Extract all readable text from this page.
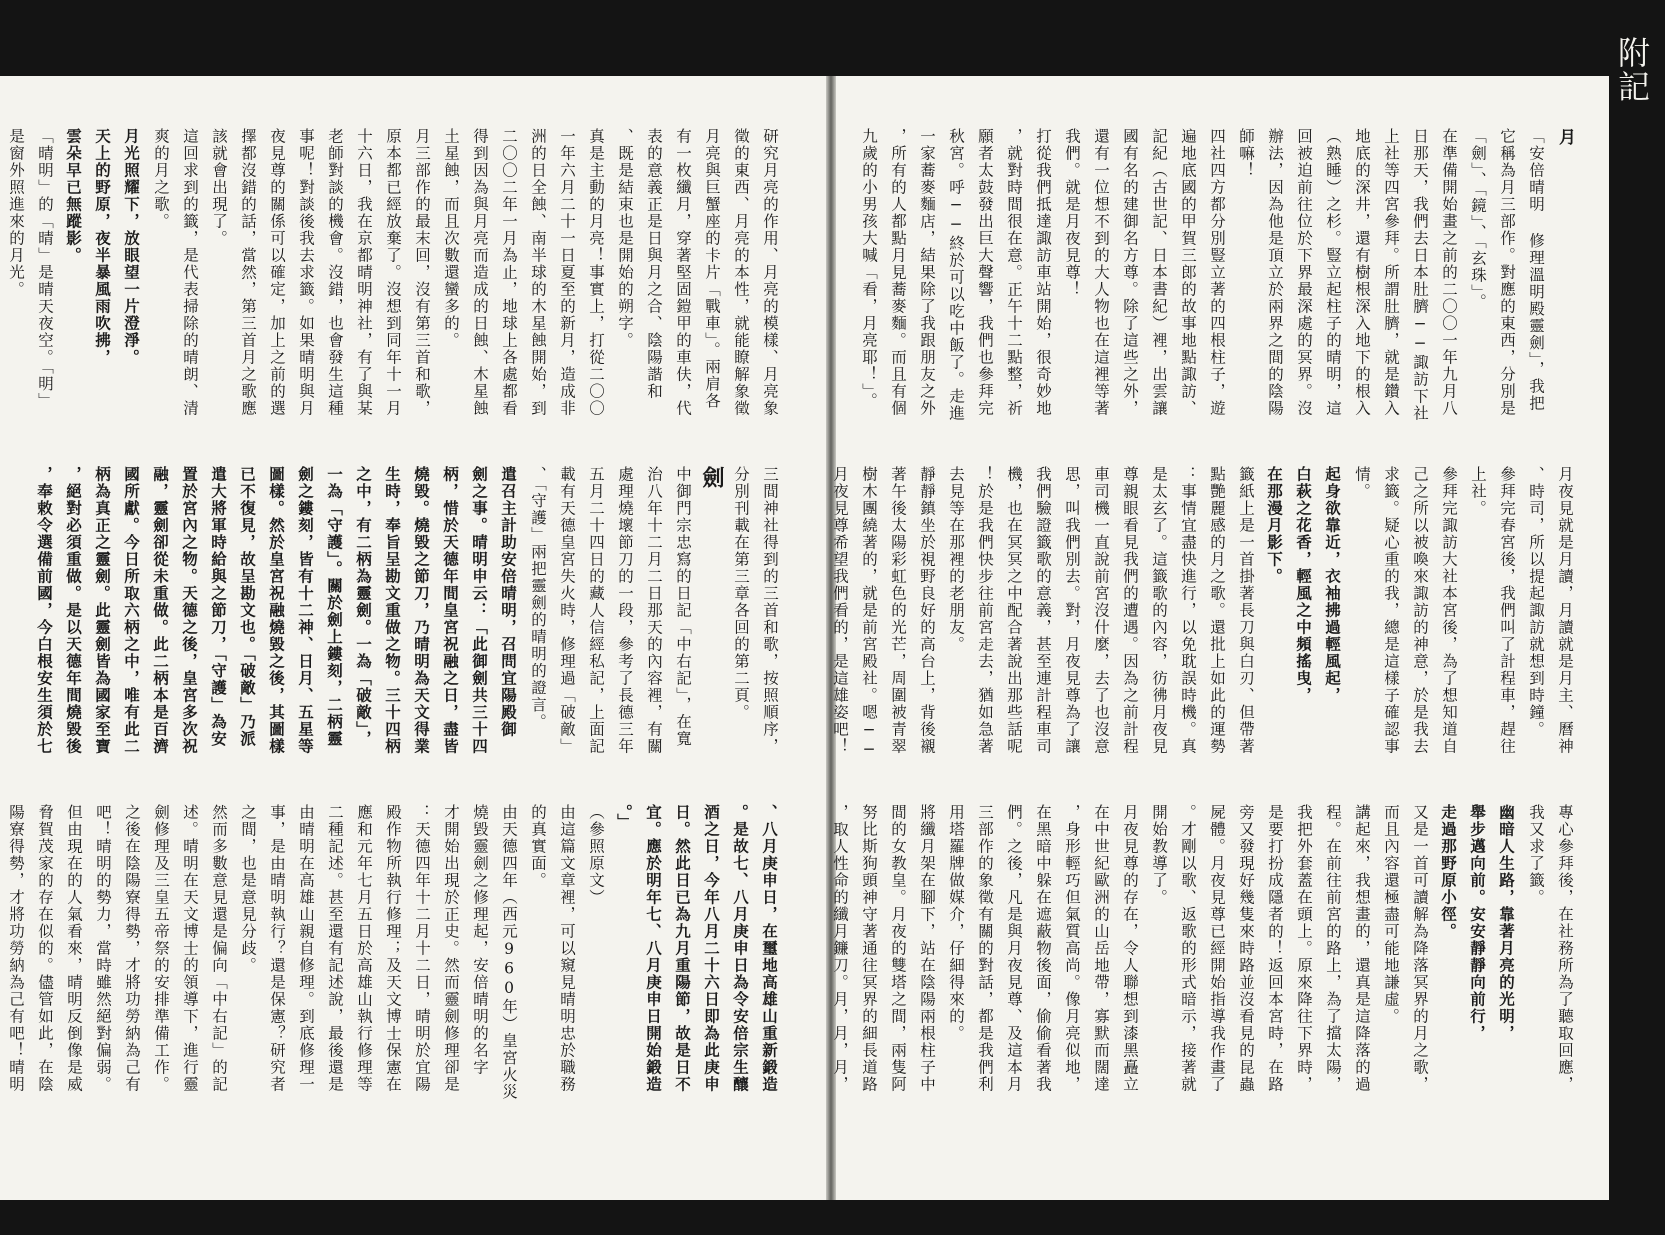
研究月亮的作用、月亮的模樣、月亮象

徵的東西、月亮的本性，就能瞭解象徵

月亮與巨蟹座的卡片「戰車」。兩肩各

有一枚纖月，穿著堅固鎧甲的車伕，代

表的意義正是日與月之合、陰陽諧和

、既是結束也是開始的朔字。

真是主動的月亮！事實上，打從二〇〇

一年六月二十一日夏至的新月，造成非

洲的日全蝕、南半球的木星蝕開始，到

二〇〇二年一月為止，地球上各處都看

得到因為與月亮而造成的日蝕、木星蝕

土星蝕，而且次數還蠻多的。

月三部作的最末回，沒有第三首和歌，

原本都已經放棄了。沒想到同年十一月

十六日，我在京都晴明神社，有了與某

老師對談的機會。沒錯，也會發生這種

事呢！對談後我去求籤。如果晴明與月

夜見尊的關係可以確定，加上之前的選

擇都沒錯的話，當然，第三首月之歌應

該就會出現了。

這回求到的籤，是代表掃除的晴朗、清

爽的月之歌。

月光照耀下，放眼望一片澄淨。

天上的野原，夜半暴風雨吹拂，

雲朵早已無蹤影。

「晴明」的「晴」是晴天夜空。「明」

是窗外照進來的月光。

三間神社得到的三首和歌，按照順序，

分別刊載在第三章各回的第二頁。

劍

中御門宗忠寫的日記「中右記」，在寬

治八年十二月二日那天的內容裡，有關

處理燒壞節刀的一段，參考了長德三年

五月二十四日的藏人信經私記，上面記

載有天德皇宮失火時，修理過「破敵」

、「守護」兩把靈劍的晴明的證言。

遣召主計助安倍晴明，召問宜陽殿御

劍之事。晴明申云：「此御劍共三十四

柄，惜於天德年間皇宮祝融之日，盡皆

燒毀。燒毀之節刀，乃晴明為天文得業

生時，奉旨呈勘文重做之物。三十四柄

之中，有二柄為靈劍。一為「破敵」，

一為「守護」。關於劍上鏤刻，二柄靈

劍之鏤刻，皆有十二神、日月、五星等

圖樣。然於皇宮祝融燒毀之後，其圖樣

已不復見，故呈勘文也。「破敵」乃派

遣大將軍時給與之節刀，「守護」為安

置於宮內之物。天德之後，皇宮多次祝

融，靈劍卻從未重做。此二柄本是百濟

國所獻。今日所取六柄之中，唯有此二

柄為真正之靈劍。此靈劍皆為國家至寶

，絕對必須重做。是以天德年間燒毀後

，奉敕令選備前國，今白根安生須於七

、八月庚申日，在璽地高雄山重新鍛造

。是故七、八月庚申日為令安倍宗生釀

酒之日，今年八月二十六日即為此庚申

日。然此日已為九月重陽節，故是日不

宜。應於明年七、八月庚申日開始鍛造

。」

（參照原文）

由這篇文章裡，可以窺見晴明忠於職務

的真實面。

由天德四年（西元960年）皇宮火災

燒毀靈劍之修理起，安倍晴明的名字

才開始出現於正史。然而靈劍修理卻是

：天德四年十二月十二日，晴明於宜陽

殿作物所執行修理；及天文博士保憲在

應和元年七月五日於高雄山執行修理等

二種記述。甚至還有記述說，最後還是

由晴明在高雄山親自修理。到底修理一

事，是由晴明執行？還是保憲？研究者

之間，也是意見分歧。

然而多數意見還是偏向「中右記」的記

述。晴明在天文博士的領導下，進行靈

劍修理及三皇五帝祭的安排準備工作。

之後在陰陽寮得勢，才將功勞納為己有

吧！晴明的勢力，當時雖然絕對偏弱。

但由現在的人氣看來，晴明反倒像是威

脅賀茂家的存在似的。儘管如此，在陰

陽寮得勢，才將功勞納為己有吧！晴明

月

「安倍晴明 修理溫明殿靈劍」，我把

它稱為月三部作。對應的東西，分別是

「劍」、「鏡」、「玄珠」。

在準備開始畫之前的二〇〇一年九月八

日那天，我們去日本肚臍──諏訪下社

上社等四宮參拜。所謂肚臍，就是鑽入

地底的深井，還有樹根深入地下的根入

（熟睡）之杉。豎立起柱子的晴明，這

回被迫前往位於下界最深處的冥界。沒

辦法，因為他是頂立於兩界之間的陰陽

師嘛！

四社四方都分別豎立著的四根柱子，遊

遍地底國的甲賀三郎的故事地點諏訪、

記紀（古世記、日本書紀）裡，出雲讓

國有名的建御名方尊。除了這些之外，

還有一位想不到的大人物也在這裡等著

我們。就是月夜見尊！

打從我們抵達諏訪車站開始，很奇妙地

，就對時間很在意。正午十二點整，祈

願者太鼓發出巨大聲響，我們也參拜完

秋宮。呼──終於可以吃中飯了。走進

一家蕎麥麵店，結果除了我跟朋友之外

，所有的人都點月見蕎麥麵。而且有個

九歲的小男孩大喊「看，月亮耶！」。

月夜見就是月讀，月讀就是月主、曆神

、時司，所以提起諏訪就想到時鐘。

參拜完春宮後，我們叫了計程車，趕往

上社。

參拜完諏訪大社本宮後，為了想知道自

己之所以被喚來諏訪的神意，於是我去

求籤。疑心重的我，總是這樣子確認事

情。

起身欲靠近，衣袖拂過輕風起，

白萩之花香，輕風之中頻搖曳，

在那漫月影下。

籤紙上是一首掛著長刀與白刃、但帶著

點艷麗感的月之歌。還批上如此的運勢

：事情宜盡快進行，以免耽誤時機。真

是太玄了。這籤歌的內容，彷彿月夜見

尊親眼看見我們的遭遇。因為之前計程

車司機一直說前宮沒什麼，去了也沒意

思，叫我們別去。對，月夜見尊為了讓

我們驗證籤歌的意義，甚至連計程車司

機，也在冥冥之中配合著說出那些話呢

！於是我們快步往前宮走去，猶如急著

去見等在那裡的老朋友。

靜靜鎮坐於視野良好的高台上，背後襯

著午後太陽彩虹色的光芒，周圍被青翠

樹木團繞著的，就是前宮殿社。嗯──

月夜見尊希望我們看的，是這雄姿吧！

專心參拜後，在社務所為了聽取回應，

我又求了籤。

幽暗人生路，靠著月亮的光明，

舉步邁向前。安安靜靜向前行，

走過那野原小徑。

又是一首可讀解為降落冥界的月之歌，

而且內容還極盡可能地謙虛。

講起來，我想畫的，還真是這降落的過

程。在前往前宮的路上，為了擋太陽，

我把外套蓋在頭上。原來降往下界時，

是要打扮成隱者的！返回本宮時，在路

旁又發現好幾隻來時路並沒看見的昆蟲

屍體。月夜見尊已經開始指導我作畫了

。才剛以歌、返歌的形式暗示，接著就

開始教導了。

月夜見尊的存在，令人聯想到漆黑矗立

在中世紀歐洲的山岳地帶，寡默而闊達

，身形輕巧但氣質高尚。像月亮似地，

在黑暗中躲在遮蔽物後面，偷偷看著我

們。之後，凡是與月夜見尊、及這本月

三部作的象徵有關的對話，都是我們利

用塔羅牌做媒介，仔細得來的。

將纖月架在腳下，站在陰陽兩根柱子中

間的女教皇。月夜的雙塔之間，兩隻阿

努比斯狗頭神守著通往冥界的細長道路

，取人性命的纖月鐮刀。月，月，月，

附記
